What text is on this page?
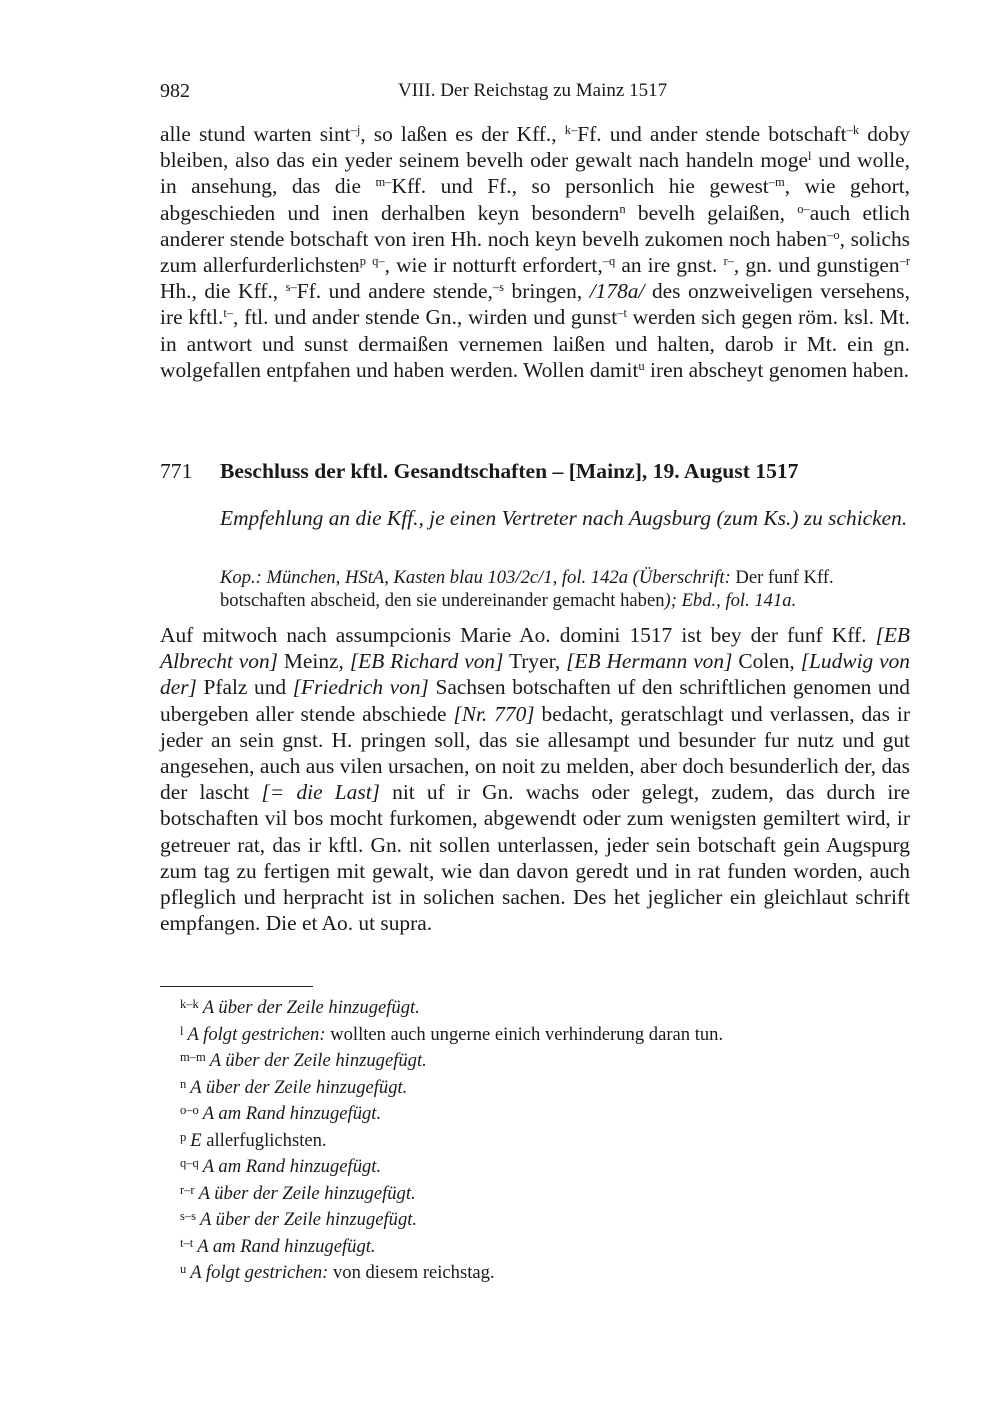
982	VIII. Der Reichstag zu Mainz 1517
alle stund warten sint$^{-j}$, so laßen es der Kff., $^{k-}$Ff. und ander stende botschaft$^{-k}$ doby bleiben, also das ein yeder seinem bevelh oder gewalt nach handeln moge$^l$ und wolle, in ansehung, das die $^{m-}$Kff. und Ff., so personlich hie gewest$^{-m}$, wie gehort, abgeschieden und inen derhalben keyn besondern$^n$ bevelh gelaißen, $^{o-}$auch etlich anderer stende botschaft von iren Hh. noch keyn bevelh zukomen noch haben$^{-o}$, solichs zum allerfurderlichsten$^p$ $^{q-}$, wie ir notturft erfordert,$^{-q}$ an ire gnst. $^{r-}$, gn. und gunstigen$^{-r}$ Hh., die Kff., $^{s-}$Ff. und andere stende,$^{-s}$ bringen, /178a/ des onzweiveligen versehens, ire kftl.$^{t-}$, ftl. und ander stende Gn., wirden und gunst$^{-t}$ werden sich gegen röm. ksl. Mt. in antwort und sunst dermaißen vernemen laißen und halten, darob ir Mt. ein gn. wolgefallen entpfahen und haben werden. Wollen damit$^u$ iren abscheyt genomen haben.
771 Beschluss der kftl. Gesandtschaften – [Mainz], 19. August 1517
Empfehlung an die Kff., je einen Vertreter nach Augsburg (zum Ks.) zu schicken.
Kop.: München, HStA, Kasten blau 103/2c/1, fol. 142a (Überschrift: Der funf Kff. botschaften abscheid, den sie undereinander gemacht haben); Ebd., fol. 141a.
Auf mitwoch nach assumpcionis Marie Ao. domini 1517 ist bey der funf Kff. [EB Albrecht von] Meinz, [EB Richard von] Tryer, [EB Hermann von] Colen, [Ludwig von der] Pfalz und [Friedrich von] Sachsen botschaften uf den schriftlichen genomen und ubergeben aller stende abschiede [Nr. 770] bedacht, geratschlagt und verlassen, das ir jeder an sein gnst. H. pringen soll, das sie allesampt und besunder fur nutz und gut angesehen, auch aus vilen ursachen, on noit zu melden, aber doch besunderlich der, das der lascht [= die Last] nit uf ir Gn. wachs oder gelegt, zudem, das durch ire botschaften vil bos mocht furkomen, abgewendt oder zum wenigsten gemiltert wird, ir getreuer rat, das ir kftl. Gn. nit sollen unterlassen, jeder sein botschaft gein Augspurg zum tag zu fertigen mit gewalt, wie dan davon geredt und in rat funden worden, auch pfleglich und herpracht ist in solichen sachen. Des het jeglicher ein gleichlaut schrift empfangen. Die et Ao. ut supra.
$^{k-k}$ A über der Zeile hinzugefügt.
$^l$ A folgt gestrichen: wollten auch ungerne einich verhinderung daran tun.
$^{m-m}$ A über der Zeile hinzugefügt.
$^n$ A über der Zeile hinzugefügt.
$^{o-o}$ A am Rand hinzugefügt.
$^p$ E allerfuglichsten.
$^{q-q}$ A am Rand hinzugefügt.
$^{r-r}$ A über der Zeile hinzugefügt.
$^{s-s}$ A über der Zeile hinzugefügt.
$^{t-t}$ A am Rand hinzugefügt.
$^u$ A folgt gestrichen: von diesem reichstag.
